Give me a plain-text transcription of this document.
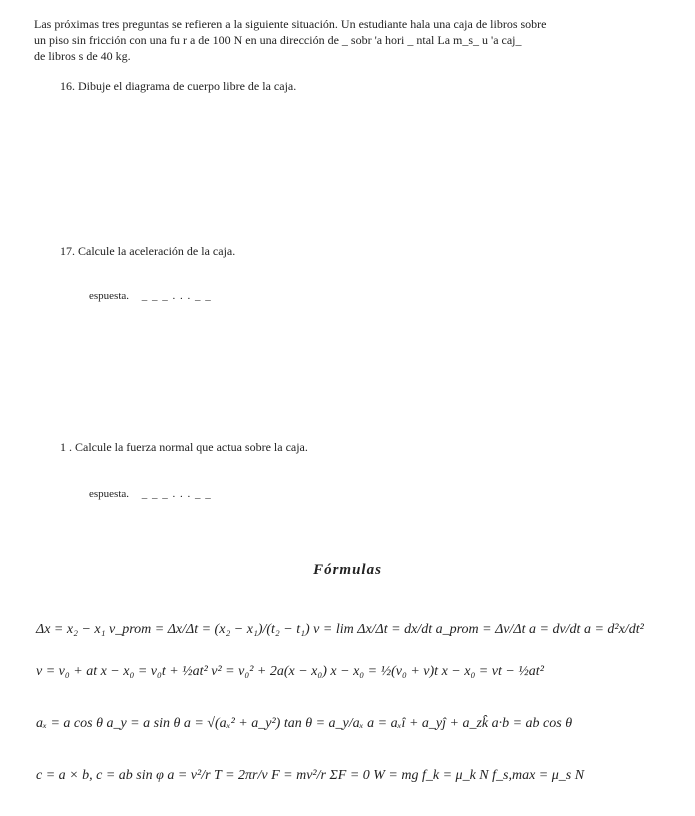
Las próximas tres preguntas se refieren a la siguiente situación. Un estudiante hala una caja de libros sobre
un piso sin fricción con una fu r a de 100 N en una dirección de _ sobr 'a hori _ ntal La m_s_ u 'a caj_
de libros s de 40 kg.
16. Dibuje el diagrama de cuerpo libre de la caja.
17. Calcule la aceleración de la caja.
espuesta. _ _ _ . . . _ _
1 . Calcule la fuerza normal que actua sobre la caja.
espuesta. _ _ _ . . . _ _
Fórmulas
Δx = x₂ − x₁ v_prom = Δx/Δt = (x₂ − x₁)/(t₂ − t₁) v = lim Δx/Δt = dx/dt a_prom = Δv/Δt a = dv/dt a = d²x/dt²
v = v₀ + at x − x₀ = v₀t + ½at² v² = v₀² + 2a(x − x₀) x − x₀ = ½(v₀ + v)t x − x₀ = vt − ½at²
aₓ = a cos θ a_y = a sin θ a = √(aₓ² + a_y²) tan θ = a_y/aₓ a = aₓî + a_yĵ + a_zk̂ a·b = ab cos θ
c = a × b, c = ab sin φ a = v²/r T = 2πr/v F = mv²/r ΣF = 0 W = mg f_k = μ_k N f_s,max = μ_s N
